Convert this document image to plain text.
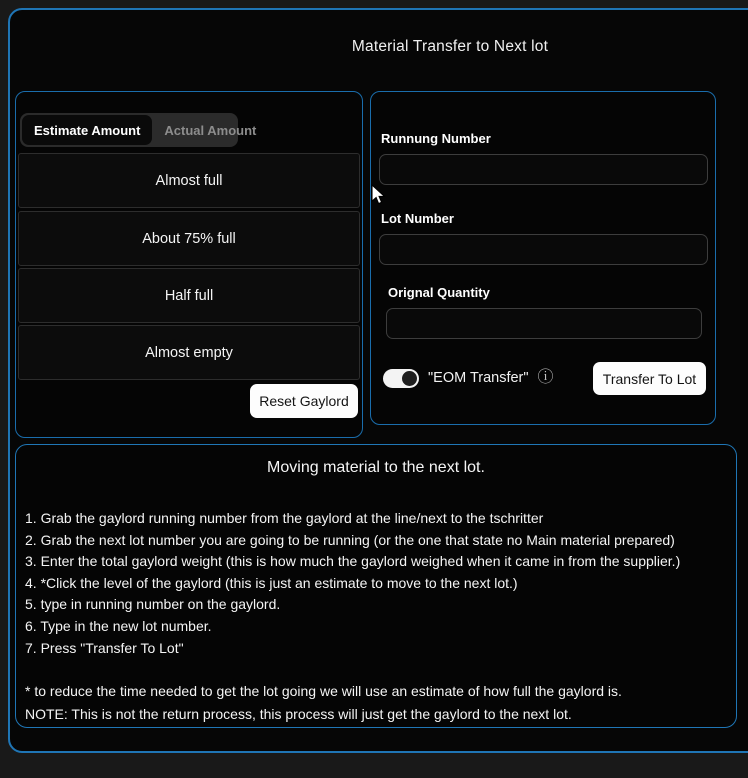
Material Transfer to Next lot
Estimate Amount	Actual Amount
Almost full
About 75% full
Half full
Almost empty
Reset Gaylord
Runnung Number
Lot Number
Orignal Quantity
"EOM Transfer" ⓘ	Transfer To Lot
Moving material to the next lot.
1. Grab the gaylord running number from the gaylord at the line/next to the tschritter
2. Grab the next lot number you are going to be running (or the one that state no Main material prepared)
3. Enter the total gaylord weight (this is how much the gaylord weighed when it came in from the supplier.)
4. *Click the level of the gaylord (this is just an estimate to move to the next lot.)
5. type in running number on the gaylord.
6. Type in the new lot number.
7. Press "Transfer To Lot"
* to reduce the time needed to get the lot going we will use an estimate of how full the gaylord is.
NOTE: This is not the return process, this process will just get the gaylord to the next lot.
